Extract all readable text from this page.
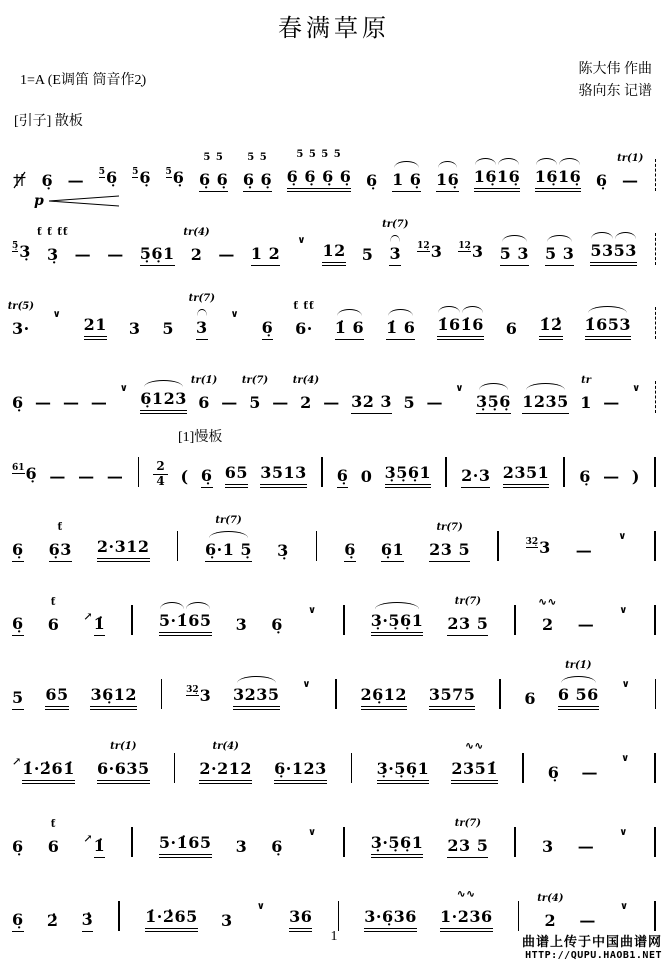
春满草原
1=A (E调笛 筒音作2̣)
陈大伟 作曲
骆向东 记谱
[引子] 散板
p
6̣ — $^5$6̣ $^5$6̣ $^5$6̣
5 5
6̣ 6̣
5 5
6̣ 6̣
5 5 5 5
6̣ 6̣ 6̣ 6̣ 6̣ 1 6̣ 16̣ 16̣16̣ 16̣16̣ 6̣
tr(1)
—
$^{5̣}$3̣
ƭ ƭ ƭƭ
3̣ — — 5̣6̣1
tr(4)
2 — 1 2
∨
12 5
tr(7)
3 $^{12̣}$3 $^{12̣}$3 5 3 5 3 5353
tr(5)
3·
∨
21 3 5
tr(7)
3
∨
6̣
ƭ ƭƭ
6· 1̇ 6 1̇ 6 1̇61̇6 6 1̇2̇ 1̇653
6̣ — — —
∨
6̣123
tr(1̇)
6 —
tr(7)
5 —
tr(4)
2 — 32 3 5 —
∨
3̣5̣6̣ 1235
tr
1 —
∨
[1]慢板
$^{6̇1}$6̣ — — —
2
4 ( 6̣ 65 3513 6̣ 0 3̣5̣6̣1 2·3 2351 6̣ — )
6̣
ƭ
6̣3 2·312
tr(7)
6̣·1 5̣ 3̣	6̣ 6̣1
tr(7)
23 5	$^{32̣}$3 —
∨
6̣
ƭ
6 ↗1̇	5·1̇65 3 6̣
∨
3̣·5̣6̣1
tr(7)
23 5
∿∿
2 —
∨
5 65 36̣12	$^{32̣}$3 3235
∨
26̣12 3575	6
tr(1̇)
6 56
∨
↗1̇·2̇61̇
tr(1̇)
6·635
tr(4)
2·212 6̣·123	3̣·5̣6̣1
∿∿
2351̇	6̣ —
∨
6̣
ƭ
6 ↗1̇	5·1̇65 3 6̣
∨
3̣·5̣6̣1
tr(7)
23 5	3 —
∨
6̣ 2̇ 3̇	1̇·2̇65 3
∨
36	3·6̣36
∿∿
1·236
tr(4)
2 —
∨
1	曲谱上传于中国曲谱网
HTTP://QUPU.HAOB1.NET
